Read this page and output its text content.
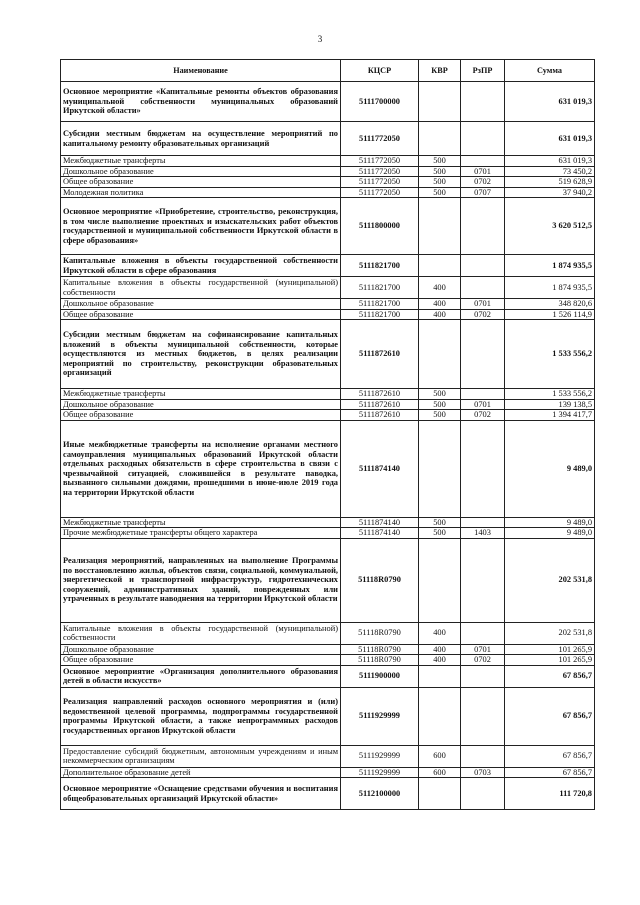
3
Наименование	КЦСР	КВР	РзПР	Сумма
Основное мероприятие «Капитальные ремонты объектов образования муниципальной собственности муниципальных образований Иркутской области»	5111700000			631 019,3
Субсидии местным бюджетам на осуществление мероприятий по капитальному ремонту образовательных организаций	5111772050			631 019,3
Межбюджетные трансферты	5111772050	500		631 019,3
Дошкольное образование	5111772050	500	0701	73 450,2
Общее образование	5111772050	500	0702	519 628,9
Молодежная политика	5111772050	500	0707	37 940,2
Основное мероприятие «Приобретение, строительство, реконструкция, в том числе выполнение проектных и изыскательских работ объектов государственной и муниципальной собственности Иркутской области в сфере образования»	5111800000			3 620 512,5
Капитальные вложения в объекты государственной собственности Иркутской области в сфере образования	5111821700			1 874 935,5
Капитальные вложения в объекты государственной (муниципальной) собственности	5111821700	400		1 874 935,5
Дошкольное образование	5111821700	400	0701	348 820,6
Общее образование	5111821700	400	0702	1 526 114,9
Субсидии местным бюджетам на софинансирование капитальных вложений в объекты муниципальной собственности, которые осуществляются из местных бюджетов, в целях реализации мероприятий по строительству, реконструкции образовательных организаций	5111872610			1 533 556,2
Межбюджетные трансферты	5111872610	500		1 533 556,2
Дошкольное образование	5111872610	500	0701	139 138,5
Общее образование	5111872610	500	0702	1 394 417,7
Иные межбюджетные трансферты на исполнение органами местного самоуправления муниципальных образований Иркутской области отдельных расходных обязательств в сфере строительства в связи с чрезвычайной ситуацией, сложившейся в результате паводка, вызванного сильными дождями, прошедшими в июне-июле 2019 года на территории Иркутской области	5111874140			9 489,0
Межбюджетные трансферты	5111874140	500		9 489,0
Прочие межбюджетные трансферты общего характера	5111874140	500	1403	9 489,0
Реализация мероприятий, направленных на выполнение Программы по восстановлению жилья, объектов связи, социальной, коммунальной, энергетической и транспортной инфраструктур, гидротехнических сооружений, административных зданий, поврежденных или утраченных в результате наводнения на территории Иркутской области	51118R0790			202 531,8
Капитальные вложения в объекты государственной (муниципальной) собственности	51118R0790	400		202 531,8
Дошкольное образование	51118R0790	400	0701	101 265,9
Общее образование	51118R0790	400	0702	101 265,9
Основное мероприятие «Организация дополнительного образования детей в области искусств»	5111900000			67 856,7
Реализация направлений расходов основного мероприятия и (или) ведомственной целевой программы, подпрограммы государственной программы Иркутской области, а также непрограммных расходов государственных органов Иркутской области	5111929999			67 856,7
Предоставление субсидий бюджетным, автономным учреждениям и иным некоммерческим организациям	5111929999	600		67 856,7
Дополнительное образование детей	5111929999	600	0703	67 856,7
Основное мероприятие «Оснащение средствами обучения и воспитания общеобразовательных организаций Иркутской области»	5112100000			111 720,8
